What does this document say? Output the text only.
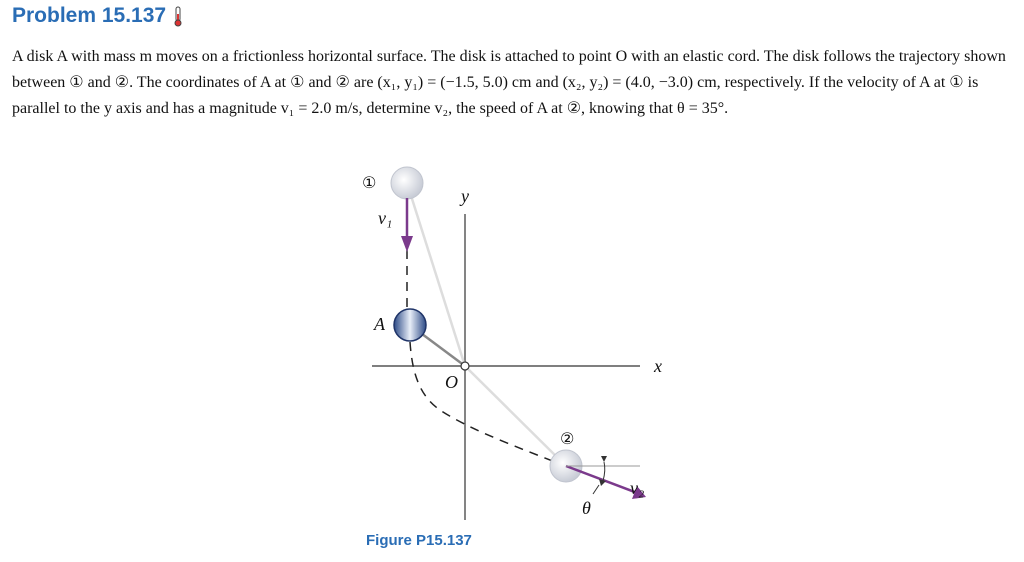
Problem 15.137

A disk A with mass m moves on a frictionless horizontal surface. The disk is attached to point O with an elastic cord. The disk follows the trajectory shown between ① and ②. The coordinates of A at ① and ② are (x₁, y₁) = (−1.5, 5.0) cm and (x₂, y₂) = (4.0, −3.0) cm, respectively. If the velocity of A at ① is parallel to the y axis and has a magnitude v₁ = 2.0 m/s, determine v₂, the speed of A at ②, knowing that θ = 35°.

①
v₁
A
O
y
x
②
v₂
θ
Figure P15.137
